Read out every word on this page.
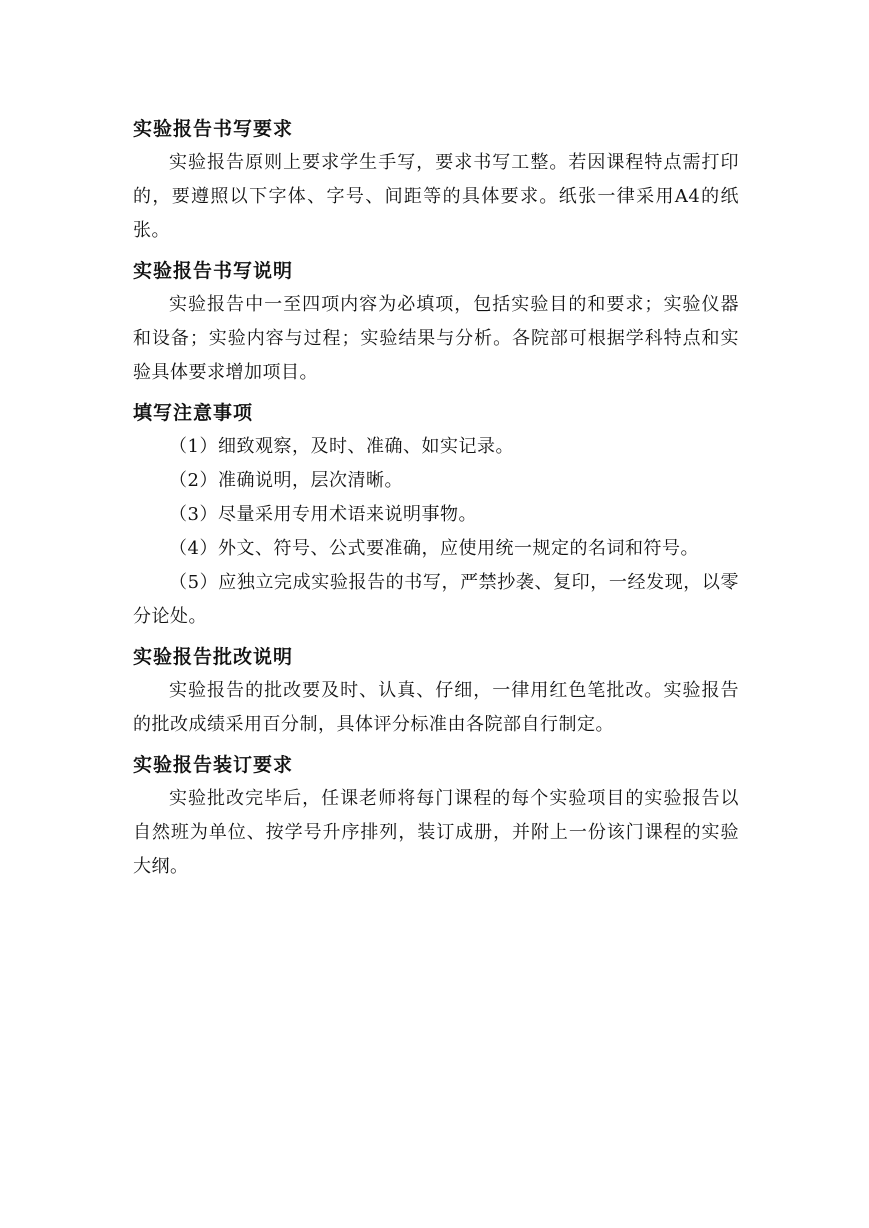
实验报告书写要求

实验报告原则上要求学生手写，要求书写工整。若因课程特点需打印的，要遵照以下字体、字号、间距等的具体要求。纸张一律采用A4的纸张。

实验报告书写说明

实验报告中一至四项内容为必填项，包括实验目的和要求；实验仪器和设备；实验内容与过程；实验结果与分析。各院部可根据学科特点和实验具体要求增加项目。

填写注意事项

（1）细致观察，及时、准确、如实记录。

（2）准确说明，层次清晰。

（3）尽量采用专用术语来说明事物。

（4）外文、符号、公式要准确，应使用统一规定的名词和符号。

（5）应独立完成实验报告的书写，严禁抄袭、复印，一经发现，以零分论处。

实验报告批改说明

实验报告的批改要及时、认真、仔细，一律用红色笔批改。实验报告的批改成绩采用百分制，具体评分标准由各院部自行制定。

实验报告装订要求

实验批改完毕后，任课老师将每门课程的每个实验项目的实验报告以自然班为单位、按学号升序排列，装订成册，并附上一份该门课程的实验大纲。
